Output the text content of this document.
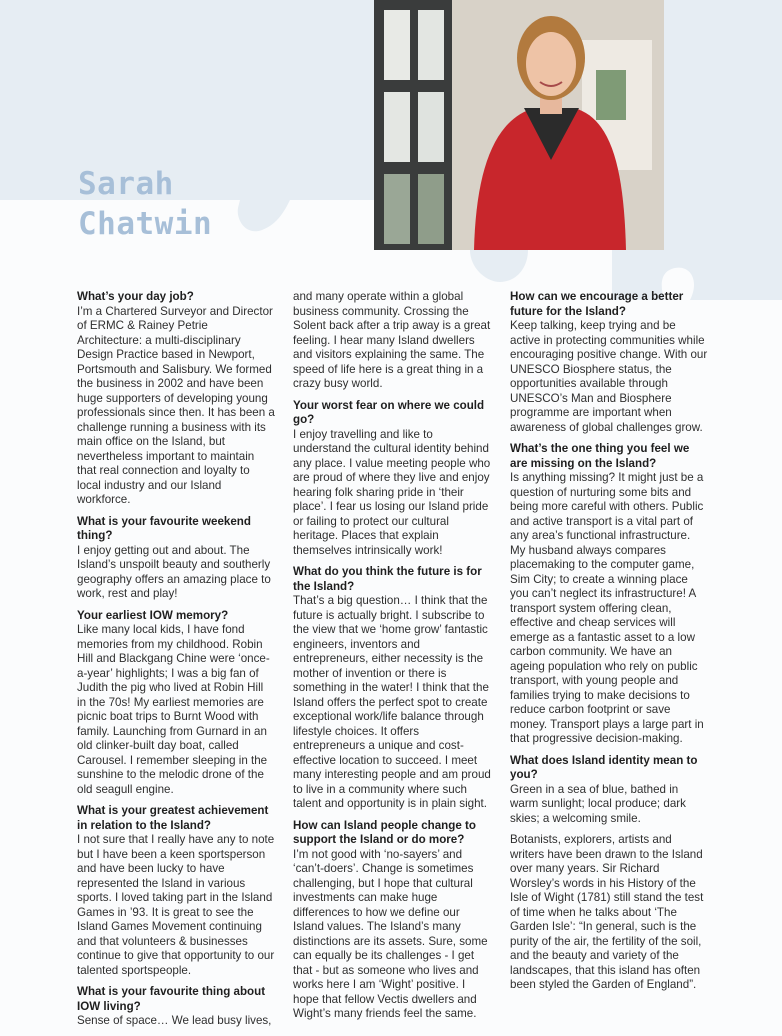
Sarah
Chatwin

What’s your day job?

I’m a Chartered Surveyor and Director of ERMC & Rainey Petrie Architecture: a multi-disciplinary Design Practice based in Newport, Portsmouth and Salisbury. We formed the business in 2002 and have been huge supporters of developing young professionals since then. It has been a challenge running a business with its main office on the Island, but nevertheless important to maintain that real connection and loyalty to local industry and our Island workforce.

What is your favourite weekend thing?

I enjoy getting out and about. The Island’s unspoilt beauty and southerly geography offers an amazing place to work, rest and play!

Your earliest IOW memory?

Like many local kids, I have fond memories from my childhood. Robin Hill and Blackgang Chine were ‘once-a-year’ highlights; I was a big fan of Judith the pig who lived at Robin Hill in the 70s! My earliest memories are picnic boat trips to Burnt Wood with family. Launching from Gurnard in an old clinker-built day boat, called Carousel. I remember sleeping in the sunshine to the melodic drone of the old seagull engine.

What is your greatest achievement in relation to the Island?

I not sure that I really have any to note but I have been a keen sportsperson and have been lucky to have represented the Island in various sports. I loved taking part in the Island Games in ’93. It is great to see the Island Games Movement continuing and that volunteers & businesses continue to give that opportunity to our talented sportspeople.

What is your favourite thing about IOW living?

Sense of space… We lead busy lives,

and many operate within a global business community. Crossing the Solent back after a trip away is a great feeling. I hear many Island dwellers and visitors explaining the same. The speed of life here is a great thing in a crazy busy world.

Your worst fear on where we could go?

I enjoy travelling and like to understand the cultural identity behind any place. I value meeting people who are proud of where they live and enjoy hearing folk sharing pride in ‘their place’. I fear us losing our Island pride or failing to protect our cultural heritage. Places that explain themselves intrinsically work!

What do you think the future is for the Island?

That’s a big question… I think that the future is actually bright. I subscribe to the view that we ‘home grow’ fantastic engineers, inventors and entrepreneurs, either necessity is the mother of invention or there is something in the water! I think that the Island offers the perfect spot to create exceptional work/life balance through lifestyle choices. It offers entrepreneurs a unique and cost-effective location to succeed. I meet many interesting people and am proud to live in a community where such talent and opportunity is in plain sight.

How can Island people change to support the Island or do more?

I’m not good with ‘no-sayers’ and ‘can’t-doers’. Change is sometimes challenging, but I hope that cultural investments can make huge differences to how we define our Island values. The Island’s many distinctions are its assets. Sure, some can equally be its challenges - I get that - but as someone who lives and works here I am ‘Wight’ positive. I hope that fellow Vectis dwellers and Wight’s many friends feel the same.

How can we encourage a better future for the Island?

Keep talking, keep trying and be active in protecting communities while encouraging positive change. With our UNESCO Biosphere status, the opportunities available through UNESCO’s Man and Biosphere programme are important when awareness of global challenges grow.

What’s the one thing you feel we are missing on the Island?

Is anything missing? It might just be a question of nurturing some bits and being more careful with others. Public and active transport is a vital part of any area’s functional infrastructure. My husband always compares placemaking to the computer game, Sim City; to create a winning place you can’t neglect its infrastructure! A transport system offering clean, effective and cheap services will emerge as a fantastic asset to a low carbon community. We have an ageing population who rely on public transport, with young people and families trying to make decisions to reduce carbon footprint or save money. Transport plays a large part in that progressive decision-making.

What does Island identity mean to you?

Green in a sea of blue, bathed in warm sunlight; local produce; dark skies; a welcoming smile.

Botanists, explorers, artists and writers have been drawn to the Island over many years. Sir Richard Worsley’s words in his History of the Isle of Wight (1781) still stand the test of time when he talks about ‘The Garden Isle’: “In general, such is the purity of the air, the fertility of the soil, and the beauty and variety of the landscapes, that this island has often been styled the Garden of England”.
